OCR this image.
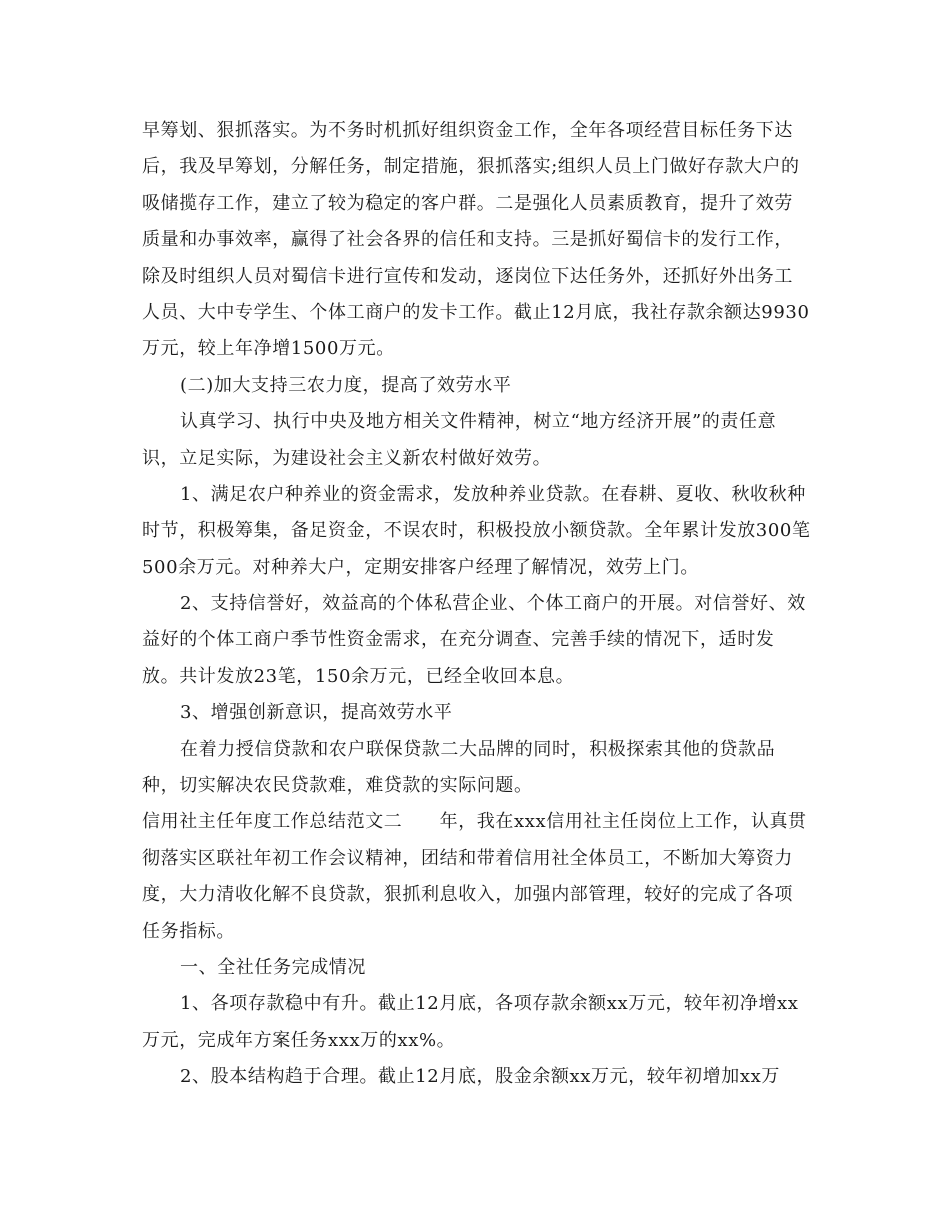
早筹划、狠抓落实。为不务时机抓好组织资金工作，全年各项经营目标任务下达
后，我及早筹划，分解任务，制定措施，狠抓落实;组织人员上门做好存款大户的
吸储揽存工作，建立了较为稳定的客户群。二是强化人员素质教育，提升了效劳
质量和办事效率，赢得了社会各界的信任和支持。三是抓好蜀信卡的发行工作，
除及时组织人员对蜀信卡进行宣传和发动，逐岗位下达任务外，还抓好外出务工
人员、大中专学生、个体工商户的发卡工作。截止12月底，我社存款余额达9930
万元，较上年净增1500万元。
(二)加大支持三农力度，提高了效劳水平
认真学习、执行中央及地方相关文件精神，树立“地方经济开展”的责任意
识，立足实际，为建设社会主义新农村做好效劳。
1、满足农户种养业的资金需求，发放种养业贷款。在春耕、夏收、秋收秋种
时节，积极筹集，备足资金，不误农时，积极投放小额贷款。全年累计发放300笔
500余万元。对种养大户，定期安排客户经理了解情况，效劳上门。
2、支持信誉好，效益高的个体私营企业、个体工商户的开展。对信誉好、效
益好的个体工商户季节性资金需求，在充分调查、完善手续的情况下，适时发
放。共计发放23笔，150余万元，已经全收回本息。
3、增强创新意识，提高效劳水平
在着力授信贷款和农户联保贷款二大品牌的同时，积极探索其他的贷款品
种，切实解决农民贷款难，难贷款的实际问题。
信用社主任年度工作总结范文二　　年，我在xxx信用社主任岗位上工作，认真贯
彻落实区联社年初工作会议精神，团结和带着信用社全体员工，不断加大筹资力
度，大力清收化解不良贷款，狠抓利息收入，加强内部管理，较好的完成了各项
任务指标。
一、全社任务完成情况
1、各项存款稳中有升。截止12月底，各项存款余额xx万元，较年初净增xx
万元，完成年方案任务xxx万的xx%。
2、股本结构趋于合理。截止12月底，股金余额xx万元，较年初增加xx万
